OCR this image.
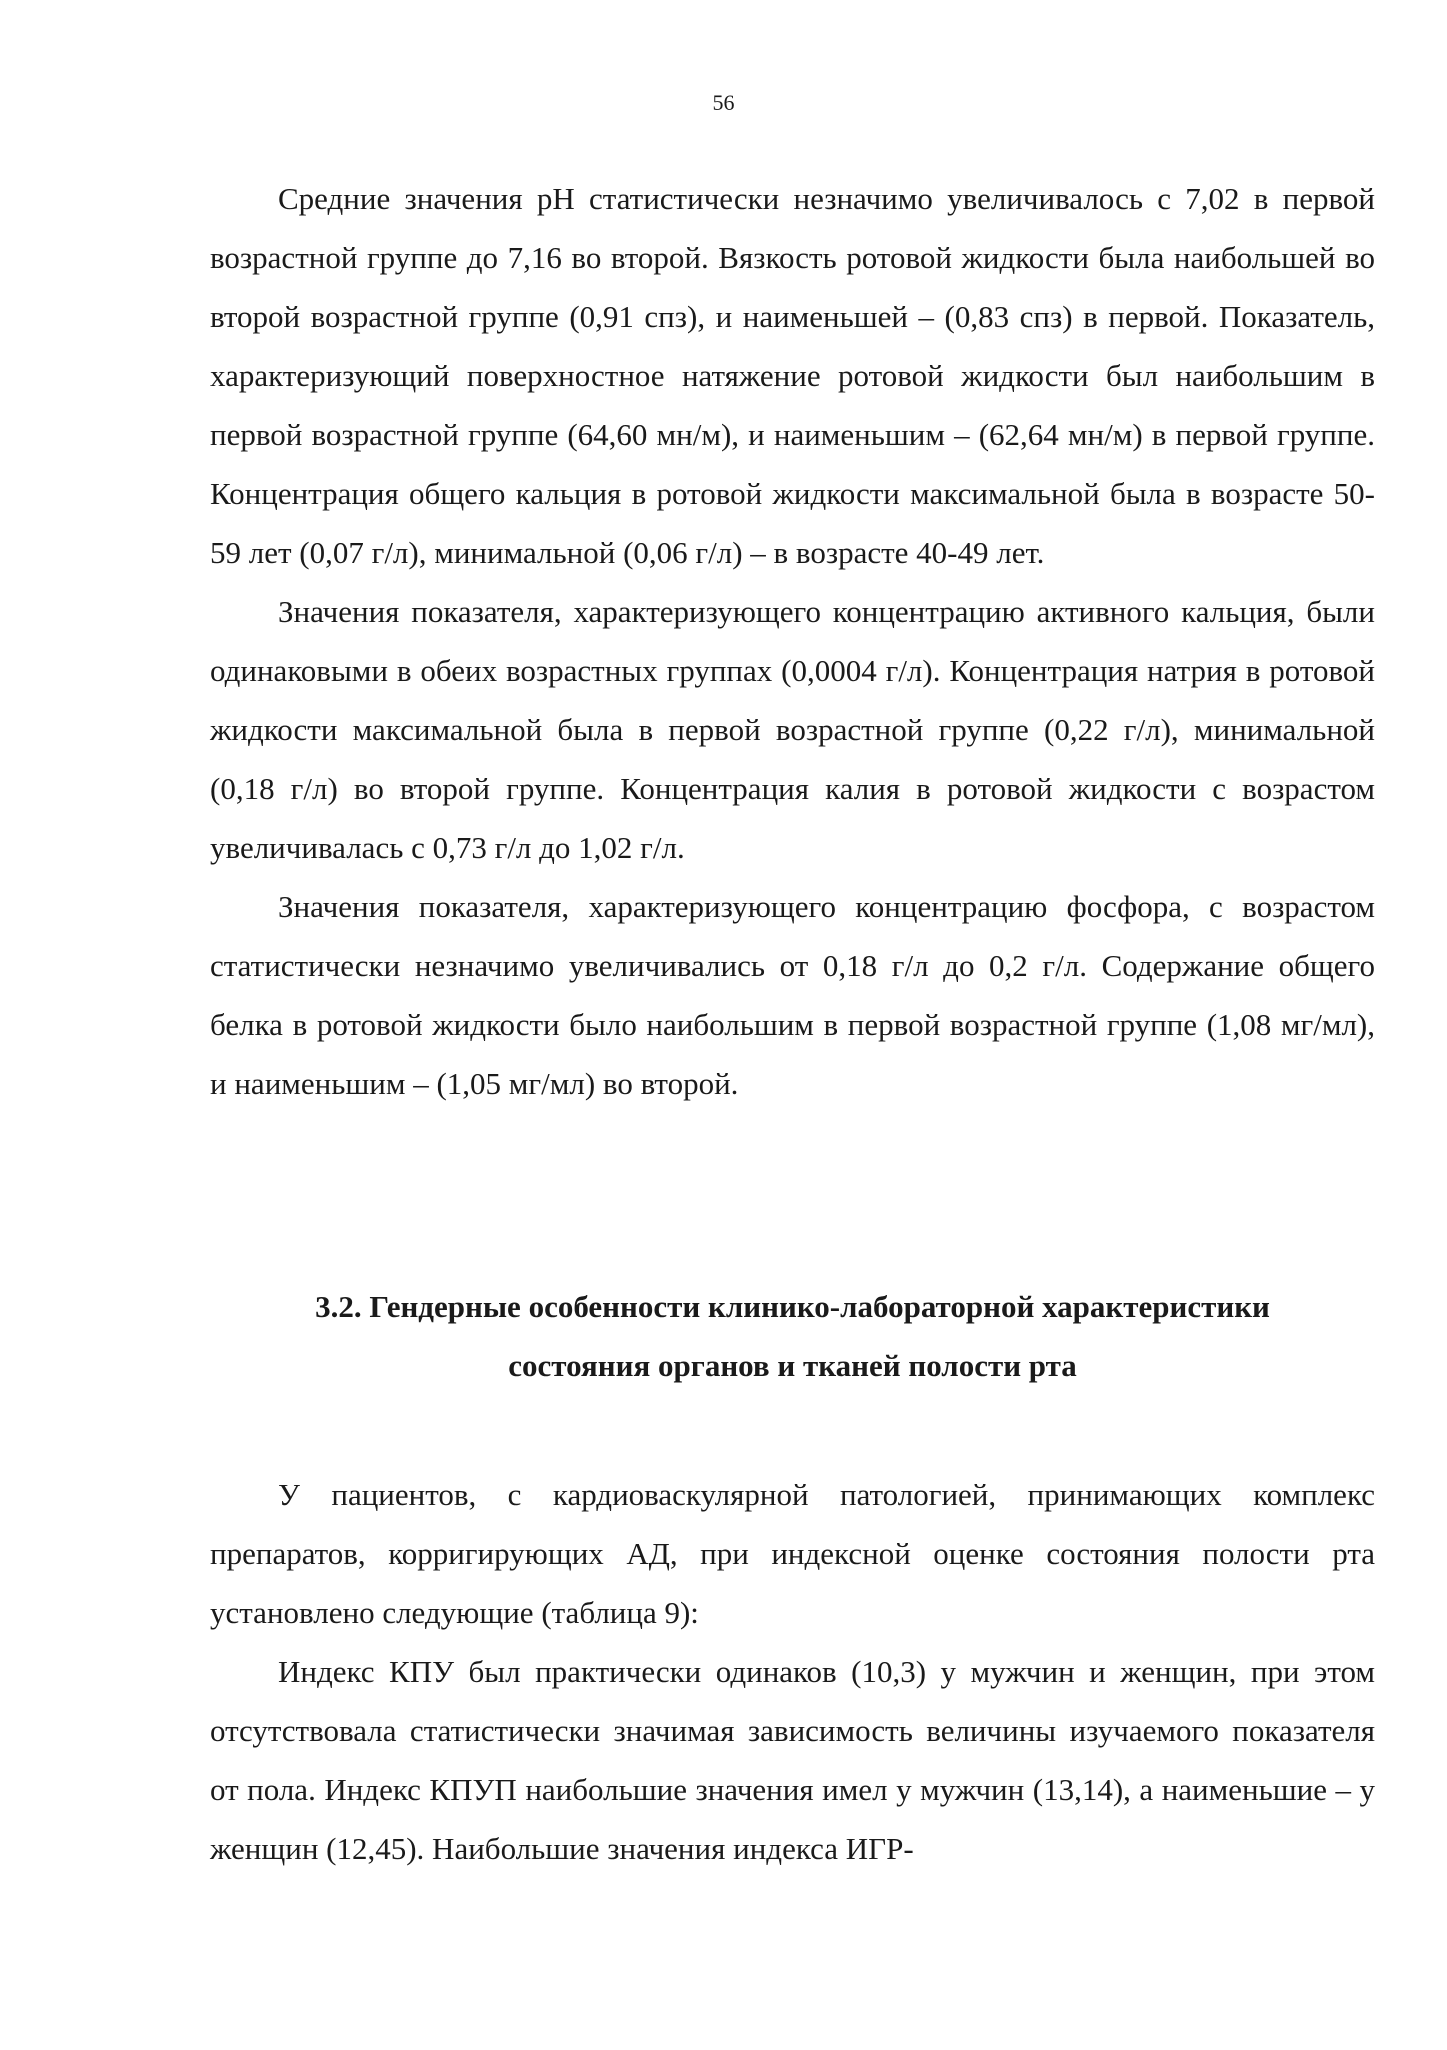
56

Средние значения рН статистически незначимо увеличивалось с 7,02 в первой возрастной группе до 7,16 во второй. Вязкость ротовой жидкости была наибольшей во второй возрастной группе (0,91 спз), и наименьшей – (0,83 спз) в первой. Показатель, характеризующий поверхностное натяжение ротовой жидкости был наибольшим в первой возрастной группе (64,60 мн/м), и наименьшим – (62,64 мн/м) в первой группе. Концентрация общего кальция в ротовой жидкости максимальной была в возрасте 50-59 лет (0,07 г/л), минимальной (0,06 г/л) – в возрасте 40-49 лет.

Значения показателя, характеризующего концентрацию активного кальция, были одинаковыми в обеих возрастных группах (0,0004 г/л). Концентрация натрия в ротовой жидкости максимальной была в первой возрастной группе (0,22 г/л), минимальной (0,18 г/л) во второй группе. Концентрация калия в ротовой жидкости с возрастом увеличивалась с 0,73 г/л до 1,02 г/л.

Значения показателя, характеризующего концентрацию фосфора, с возрастом статистически незначимо увеличивались от 0,18 г/л до 0,2 г/л. Содержание общего белка в ротовой жидкости было наибольшим в первой возрастной группе (1,08 мг/мл), и наименьшим – (1,05 мг/мл) во второй.

3.2. Гендерные особенности клинико-лабораторной характеристики
состояния органов и тканей полости рта

У пациентов, с кардиоваскулярной патологией, принимающих комплекс препаратов, корригирующих АД, при индексной оценке состояния полости рта установлено следующие (таблица 9):

Индекс КПУ был практически одинаков (10,3) у мужчин и женщин, при этом отсутствовала статистически значимая зависимость величины изучаемого показателя от пола. Индекс КПУП наибольшие значения имел у мужчин (13,14), а наименьшие – у женщин (12,45). Наибольшие значения индекса ИГР-
